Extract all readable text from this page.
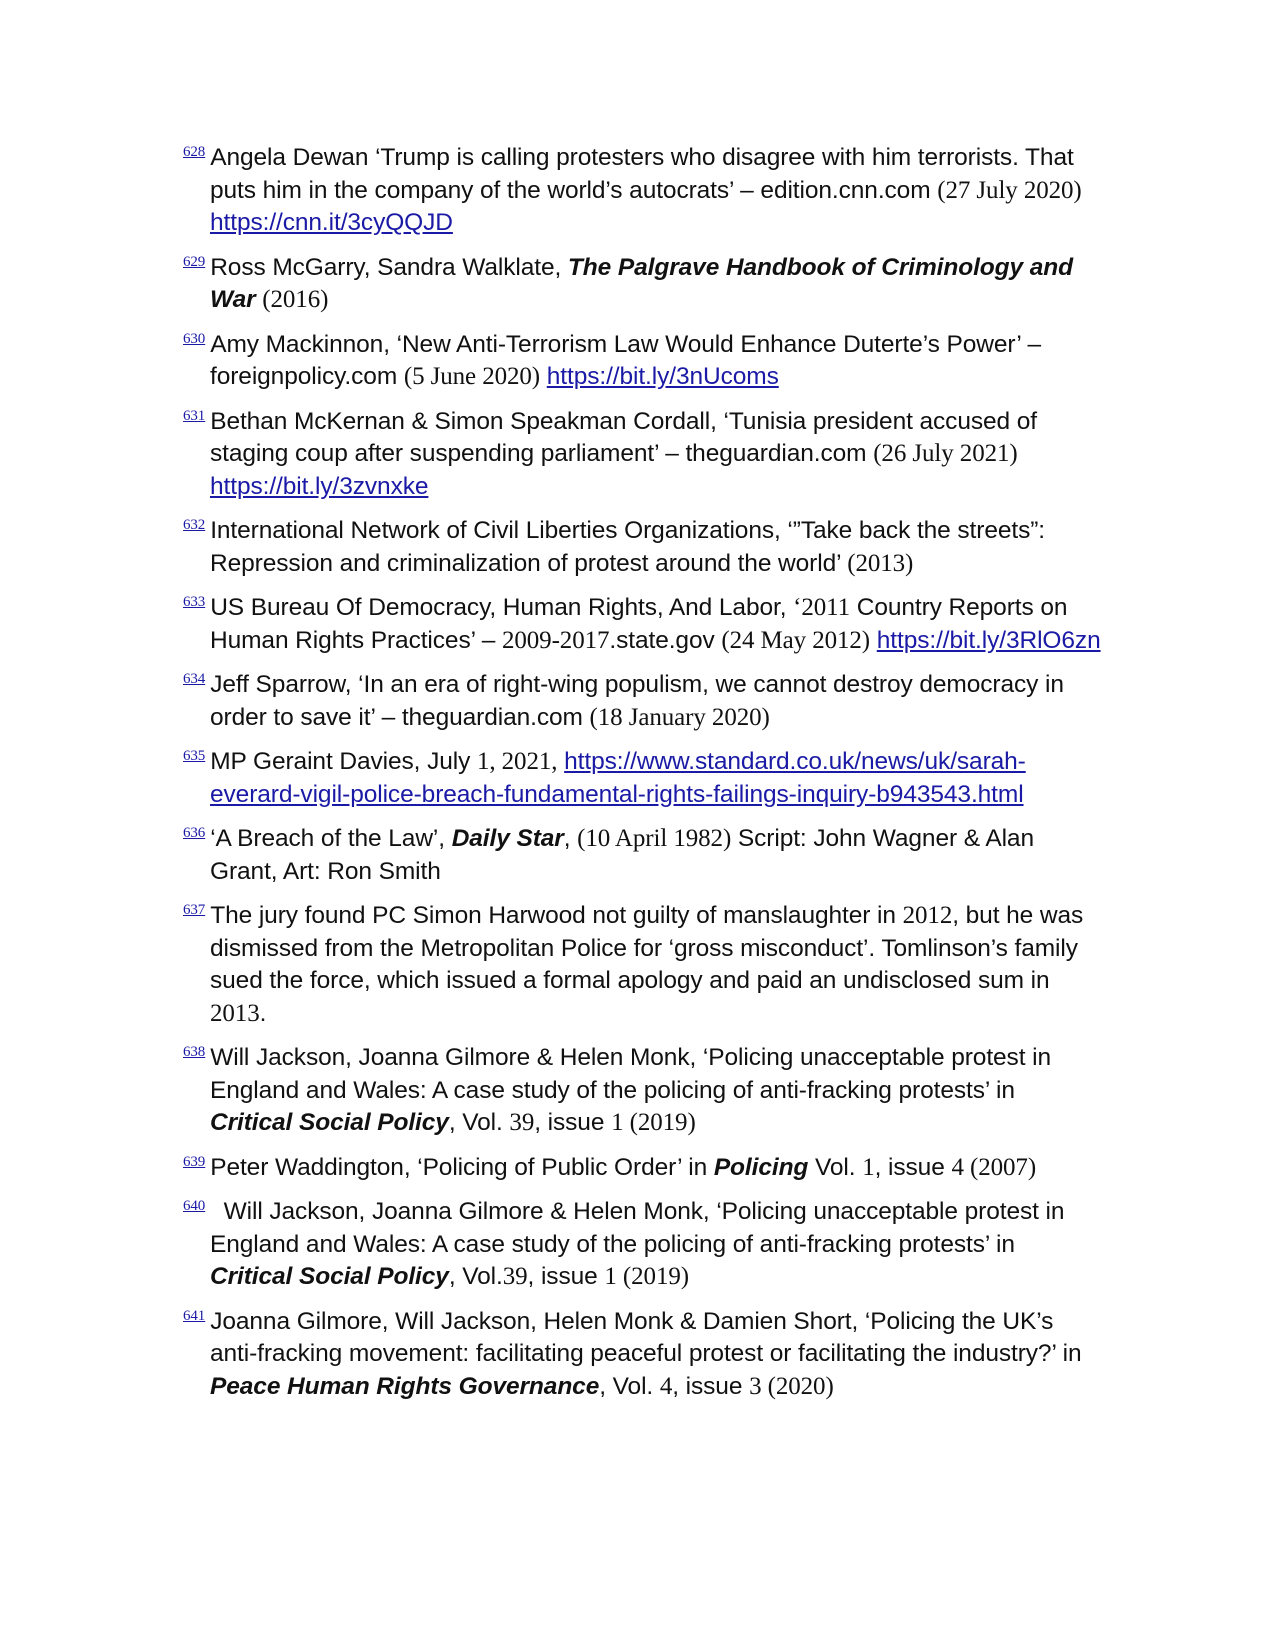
$^{628}$ Angela Dewan ‘Trump is calling protesters who disagree with him terrorists. That puts him in the company of the world’s autocrats’ – edition.cnn.com (27 July 2020) https://cnn.it/3cyQQJD
$^{629}$ Ross McGarry, Sandra Walklate, The Palgrave Handbook of Criminology and War (2016)
$^{630}$ Amy Mackinnon, ‘New Anti-Terrorism Law Would Enhance Duterte’s Power’ – foreignpolicy.com (5 June 2020) https://bit.ly/3nUcoms
$^{631}$ Bethan McKernan & Simon Speakman Cordall, ‘Tunisia president accused of staging coup after suspending parliament’ – theguardian.com (26 July 2021) https://bit.ly/3zvnxke
$^{632}$ International Network of Civil Liberties Organizations, ‘”Take back the streets”: Repression and criminalization of protest around the world’ (2013)
$^{633}$ US Bureau Of Democracy, Human Rights, And Labor, ‘2011 Country Reports on Human Rights Practices’ – 2009-2017.state.gov (24 May 2012) https://bit.ly/3RlO6zn
$^{634}$ Jeff Sparrow, ‘In an era of right-wing populism, we cannot destroy democracy in order to save it’ – theguardian.com (18 January 2020)
$^{635}$ MP Geraint Davies, July 1, 2021, https://www.standard.co.uk/news/uk/sarah-everard-vigil-police-breach-fundamental-rights-failings-inquiry-b943543.html
$^{636}$ ‘A Breach of the Law’, Daily Star, (10 April 1982) Script: John Wagner & Alan Grant, Art: Ron Smith
$^{637}$ The jury found PC Simon Harwood not guilty of manslaughter in 2012, but he was dismissed from the Metropolitan Police for ‘gross misconduct’. Tomlinson’s family sued the force, which issued a formal apology and paid an undisclosed sum in 2013.
$^{638}$ Will Jackson, Joanna Gilmore & Helen Monk, ‘Policing unacceptable protest in England and Wales: A case study of the policing of anti-fracking protests’ in Critical Social Policy, Vol. 39, issue 1 (2019)
$^{639}$ Peter Waddington, ‘Policing of Public Order’ in Policing Vol. 1, issue 4 (2007)
$^{640}$  Will Jackson, Joanna Gilmore & Helen Monk, ‘Policing unacceptable protest in England and Wales: A case study of the policing of anti-fracking protests’ in Critical Social Policy, Vol.39, issue 1 (2019)
$^{641}$ Joanna Gilmore, Will Jackson, Helen Monk & Damien Short, ‘Policing the UK’s anti-fracking movement: facilitating peaceful protest or facilitating the industry?’ in Peace Human Rights Governance, Vol. 4, issue 3 (2020)
